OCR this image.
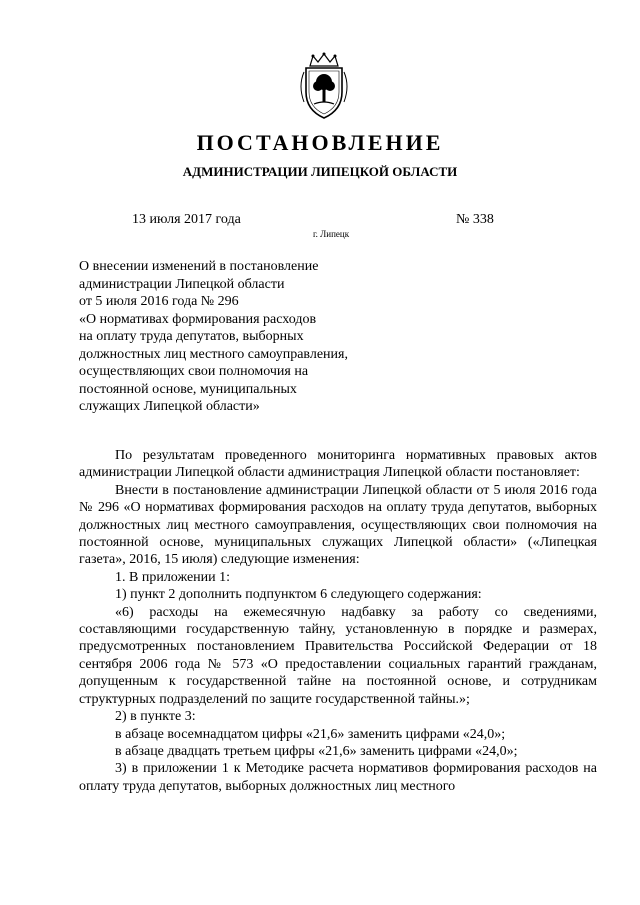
ПОСТАНОВЛЕНИЕ
АДМИНИСТРАЦИИ ЛИПЕЦКОЙ ОБЛАСТИ
13 июля 2017 года	№ 338
г. Липецк
О внесении изменений в постановление
администрации Липецкой области
от 5 июля 2016 года № 296
«О нормативах формирования расходов
на оплату труда депутатов, выборных
должностных лиц местного самоуправления,
осуществляющих свои полномочия на
постоянной основе, муниципальных
служащих Липецкой области»

По результатам проведенного мониторинга нормативных правовых актов администрации Липецкой области администрация Липецкой области постановляет:

Внести в постановление администрации Липецкой области от 5 июля 2016 года № 296 «О нормативах формирования расходов на оплату труда депутатов, выборных должностных лиц местного самоуправления, осуществляющих свои полномочия на постоянной основе, муниципальных служащих Липецкой области» («Липецкая газета», 2016, 15 июля) следующие изменения:

1. В приложении 1:

1) пункт 2 дополнить подпунктом 6 следующего содержания:

«6) расходы на ежемесячную надбавку за работу со сведениями, составляющими государственную тайну, установленную в порядке и размерах, предусмотренных постановлением Правительства Российской Федерации от 18 сентября 2006 года № 573 «О предоставлении социальных гарантий гражданам, допущенным к государственной тайне на постоянной основе, и сотрудникам структурных подразделений по защите государственной тайны.»;

2) в пункте 3:

в абзаце восемнадцатом цифры «21,6» заменить цифрами «24,0»;

в абзаце двадцать третьем цифры «21,6» заменить цифрами «24,0»;

3) в приложении 1 к Методике расчета нормативов формирования расходов на оплату труда депутатов, выборных должностных лиц местного
